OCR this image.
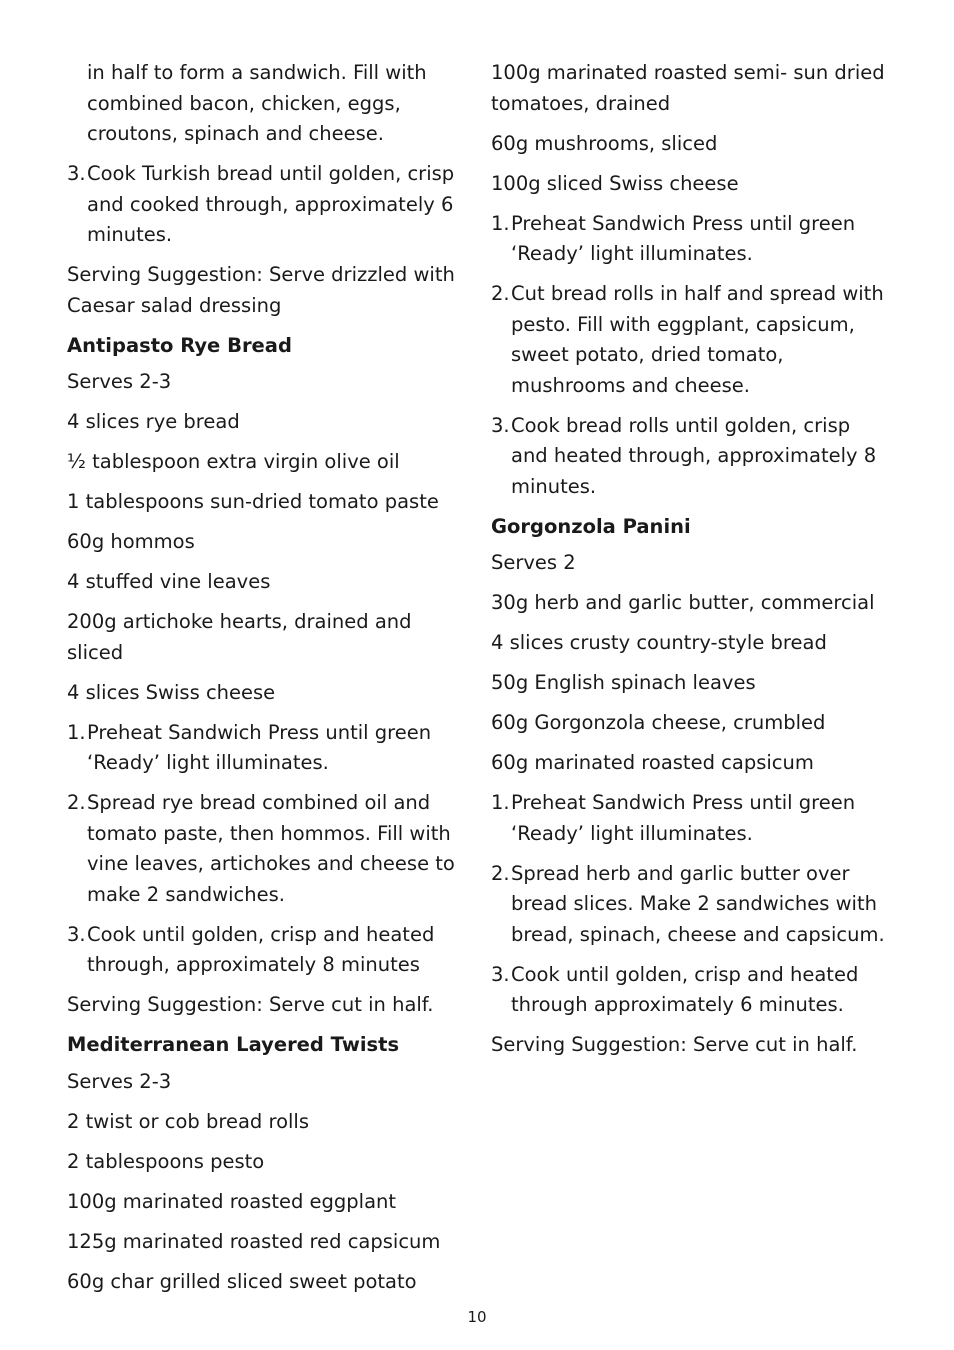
in half to form a sandwich. Fill with combined bacon, chicken, eggs, croutons, spinach and cheese.

3. Cook Turkish bread until golden, crisp and cooked through, approximately 6 minutes.

Serving Suggestion: Serve drizzled with Caesar salad dressing

Antipasto Rye Bread

Serves 2-3

4 slices rye bread

½ tablespoon extra virgin olive oil

1 tablespoons sun-dried tomato paste

60g hommos

4 stuffed vine leaves

200g artichoke hearts, drained and sliced

4 slices Swiss cheese

1. Preheat Sandwich Press until green ‘Ready’ light illuminates.
2. Spread rye bread combined oil and tomato paste, then hommos. Fill with vine leaves, artichokes and cheese to make 2 sandwiches.
3. Cook until golden, crisp and heated through, approximately 8 minutes

Serving Suggestion: Serve cut in half.

Mediterranean Layered Twists

Serves 2-3

2 twist or cob bread rolls

2 tablespoons pesto

100g marinated roasted eggplant

125g marinated roasted red capsicum

60g char grilled sliced sweet potato

100g marinated roasted semi- sun dried tomatoes, drained

60g mushrooms, sliced

100g sliced Swiss cheese

1. Preheat Sandwich Press until green ‘Ready’ light illuminates.
2. Cut bread rolls in half and spread with pesto. Fill with eggplant, capsicum, sweet potato, dried tomato, mushrooms and cheese.
3. Cook bread rolls until golden, crisp and heated through, approximately 8 minutes.
Gorgonzola Panini

Serves 2

30g herb and garlic butter, commercial

4 slices crusty country-style bread

50g English spinach leaves

60g Gorgonzola cheese, crumbled

60g marinated roasted capsicum

1. Preheat Sandwich Press until green ‘Ready’ light illuminates.
2. Spread herb and garlic butter over bread slices. Make 2 sandwiches with bread, spinach, cheese and capsicum.
3. Cook until golden, crisp and heated through approximately 6 minutes.

Serving Suggestion: Serve cut in half.

10
